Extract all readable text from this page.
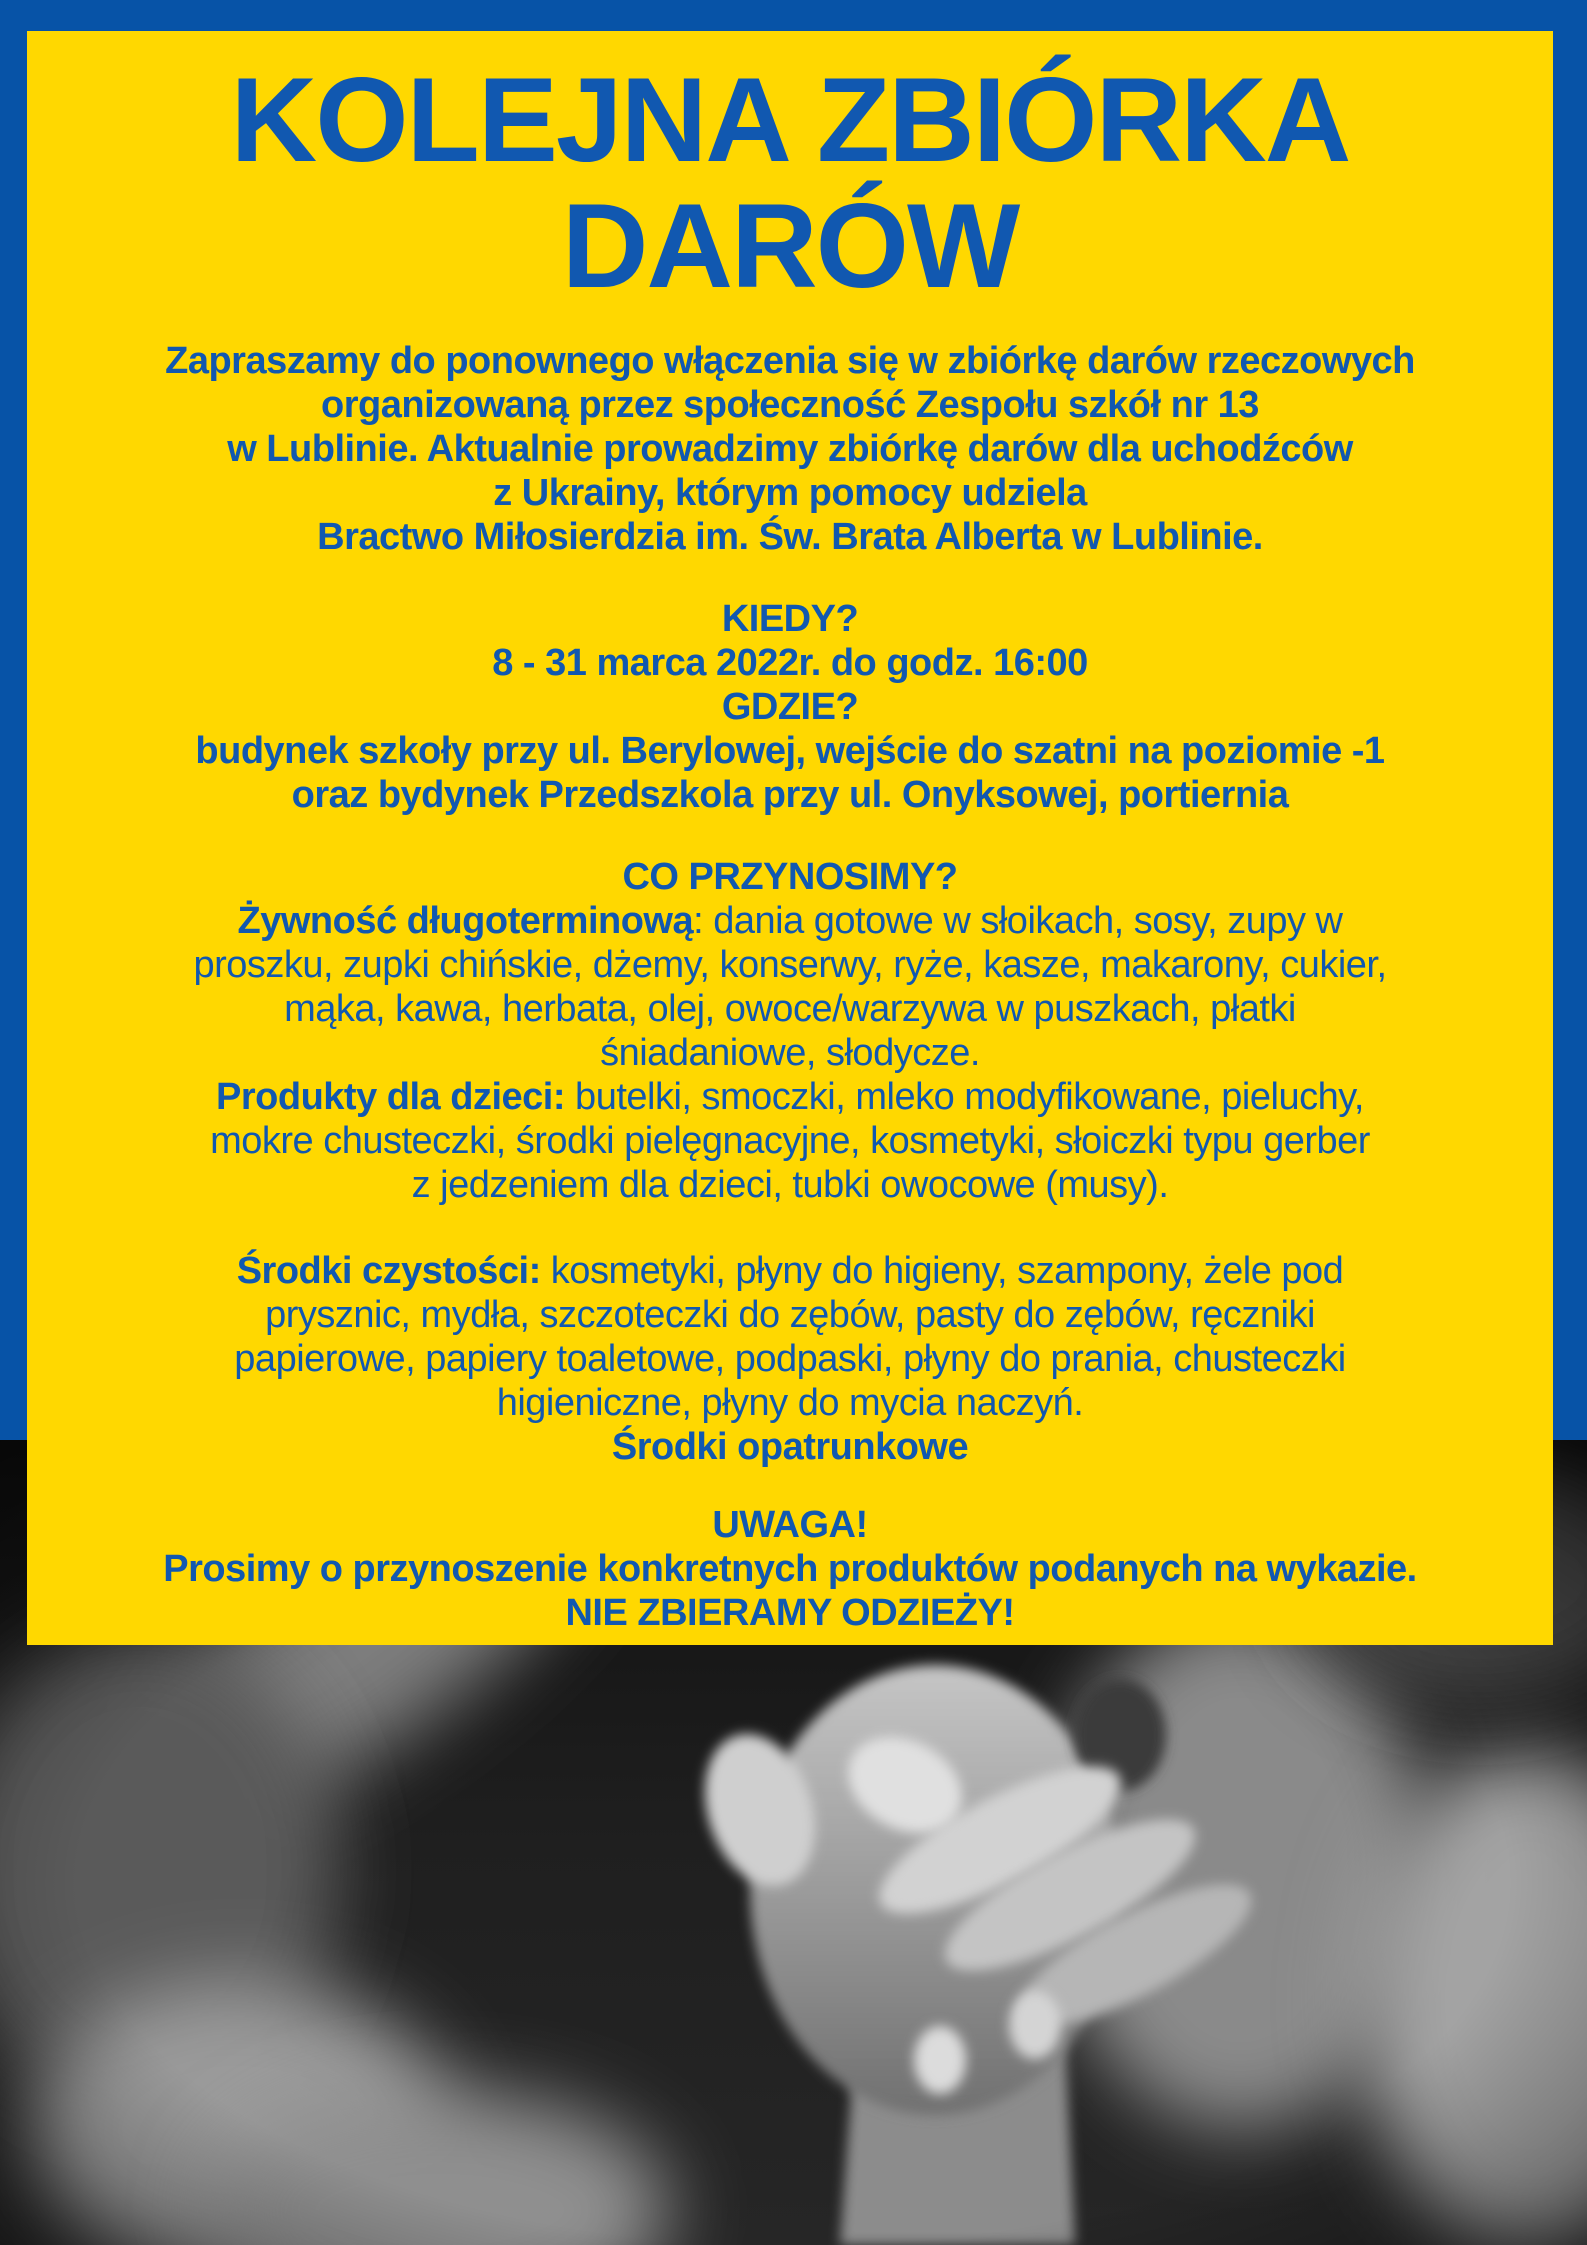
KOLEJNA ZBIÓRKA
DARÓW
Zapraszamy do ponownego włączenia się w zbiórkę darów rzeczowych
organizowaną przez społeczność Zespołu szkół nr 13
w Lublinie. Aktualnie prowadzimy zbiórkę darów dla uchodźców
z Ukrainy, którym pomocy udziela
Bractwo Miłosierdzia im. Św. Brata Alberta w Lublinie.
KIEDY?
8 - 31 marca 2022r. do godz. 16:00
GDZIE?
budynek szkoły przy ul. Berylowej, wejście do szatni na poziomie -1
oraz bydynek Przedszkola przy ul. Onyksowej, portiernia
CO PRZYNOSIMY?
Żywność długoterminową: dania gotowe w słoikach, sosy, zupy w
proszku, zupki chińskie, dżemy, konserwy, ryże, kasze, makarony, cukier,
mąka, kawa, herbata, olej, owoce/warzywa w puszkach, płatki
śniadaniowe, słodycze.
Produkty dla dzieci: butelki, smoczki, mleko modyfikowane, pieluchy,
mokre chusteczki, środki pielęgnacyjne, kosmetyki, słoiczki typu gerber
z jedzeniem dla dzieci, tubki owocowe (musy).
Środki czystości: kosmetyki, płyny do higieny, szampony, żele pod
prysznic, mydła, szczoteczki do zębów, pasty do zębów, ręczniki
papierowe, papiery toaletowe, podpaski, płyny do prania, chusteczki
higieniczne, płyny do mycia naczyń.
Środki opatrunkowe
UWAGA!
Prosimy o przynoszenie konkretnych produktów podanych na wykazie.
NIE ZBIERAMY ODZIEŻY!
